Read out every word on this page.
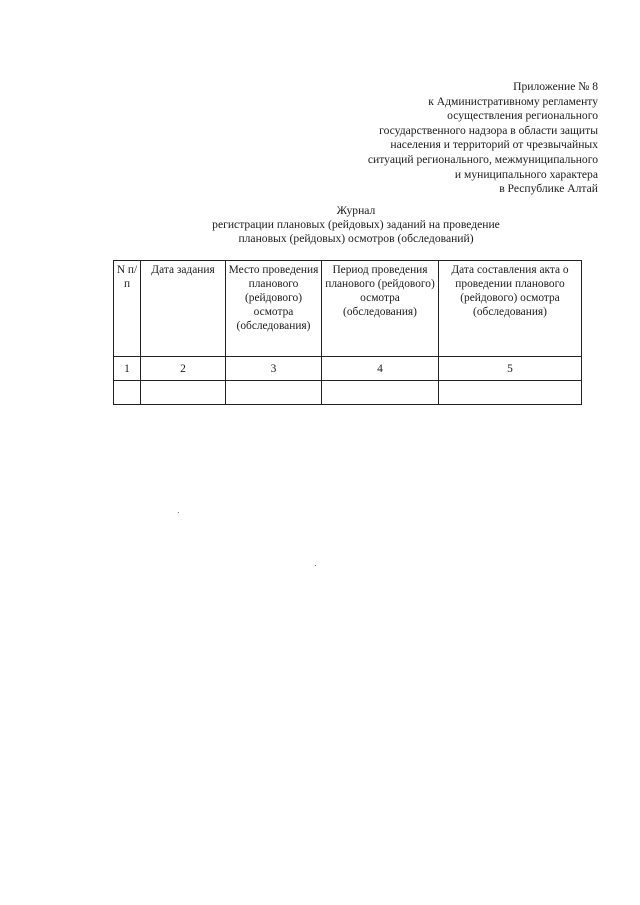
Приложение № 8
к Административному регламенту
осуществления регионального
государственного надзора в области защиты
населения и территорий от чрезвычайных
ситуаций регионального, межмуниципального
и муниципального характера
в Республике Алтай
Журнал
регистрации плановых (рейдовых) заданий на проведение
плановых (рейдовых) осмотров (обследований)
N п/п	Дата задания	Место проведения планового (рейдового) осмотра (обследования)	Период проведения планового (рейдового) осмотра (обследования)	Дата составления акта о проведении планового (рейдового) осмотра (обследования)
1	2	3	4	5
